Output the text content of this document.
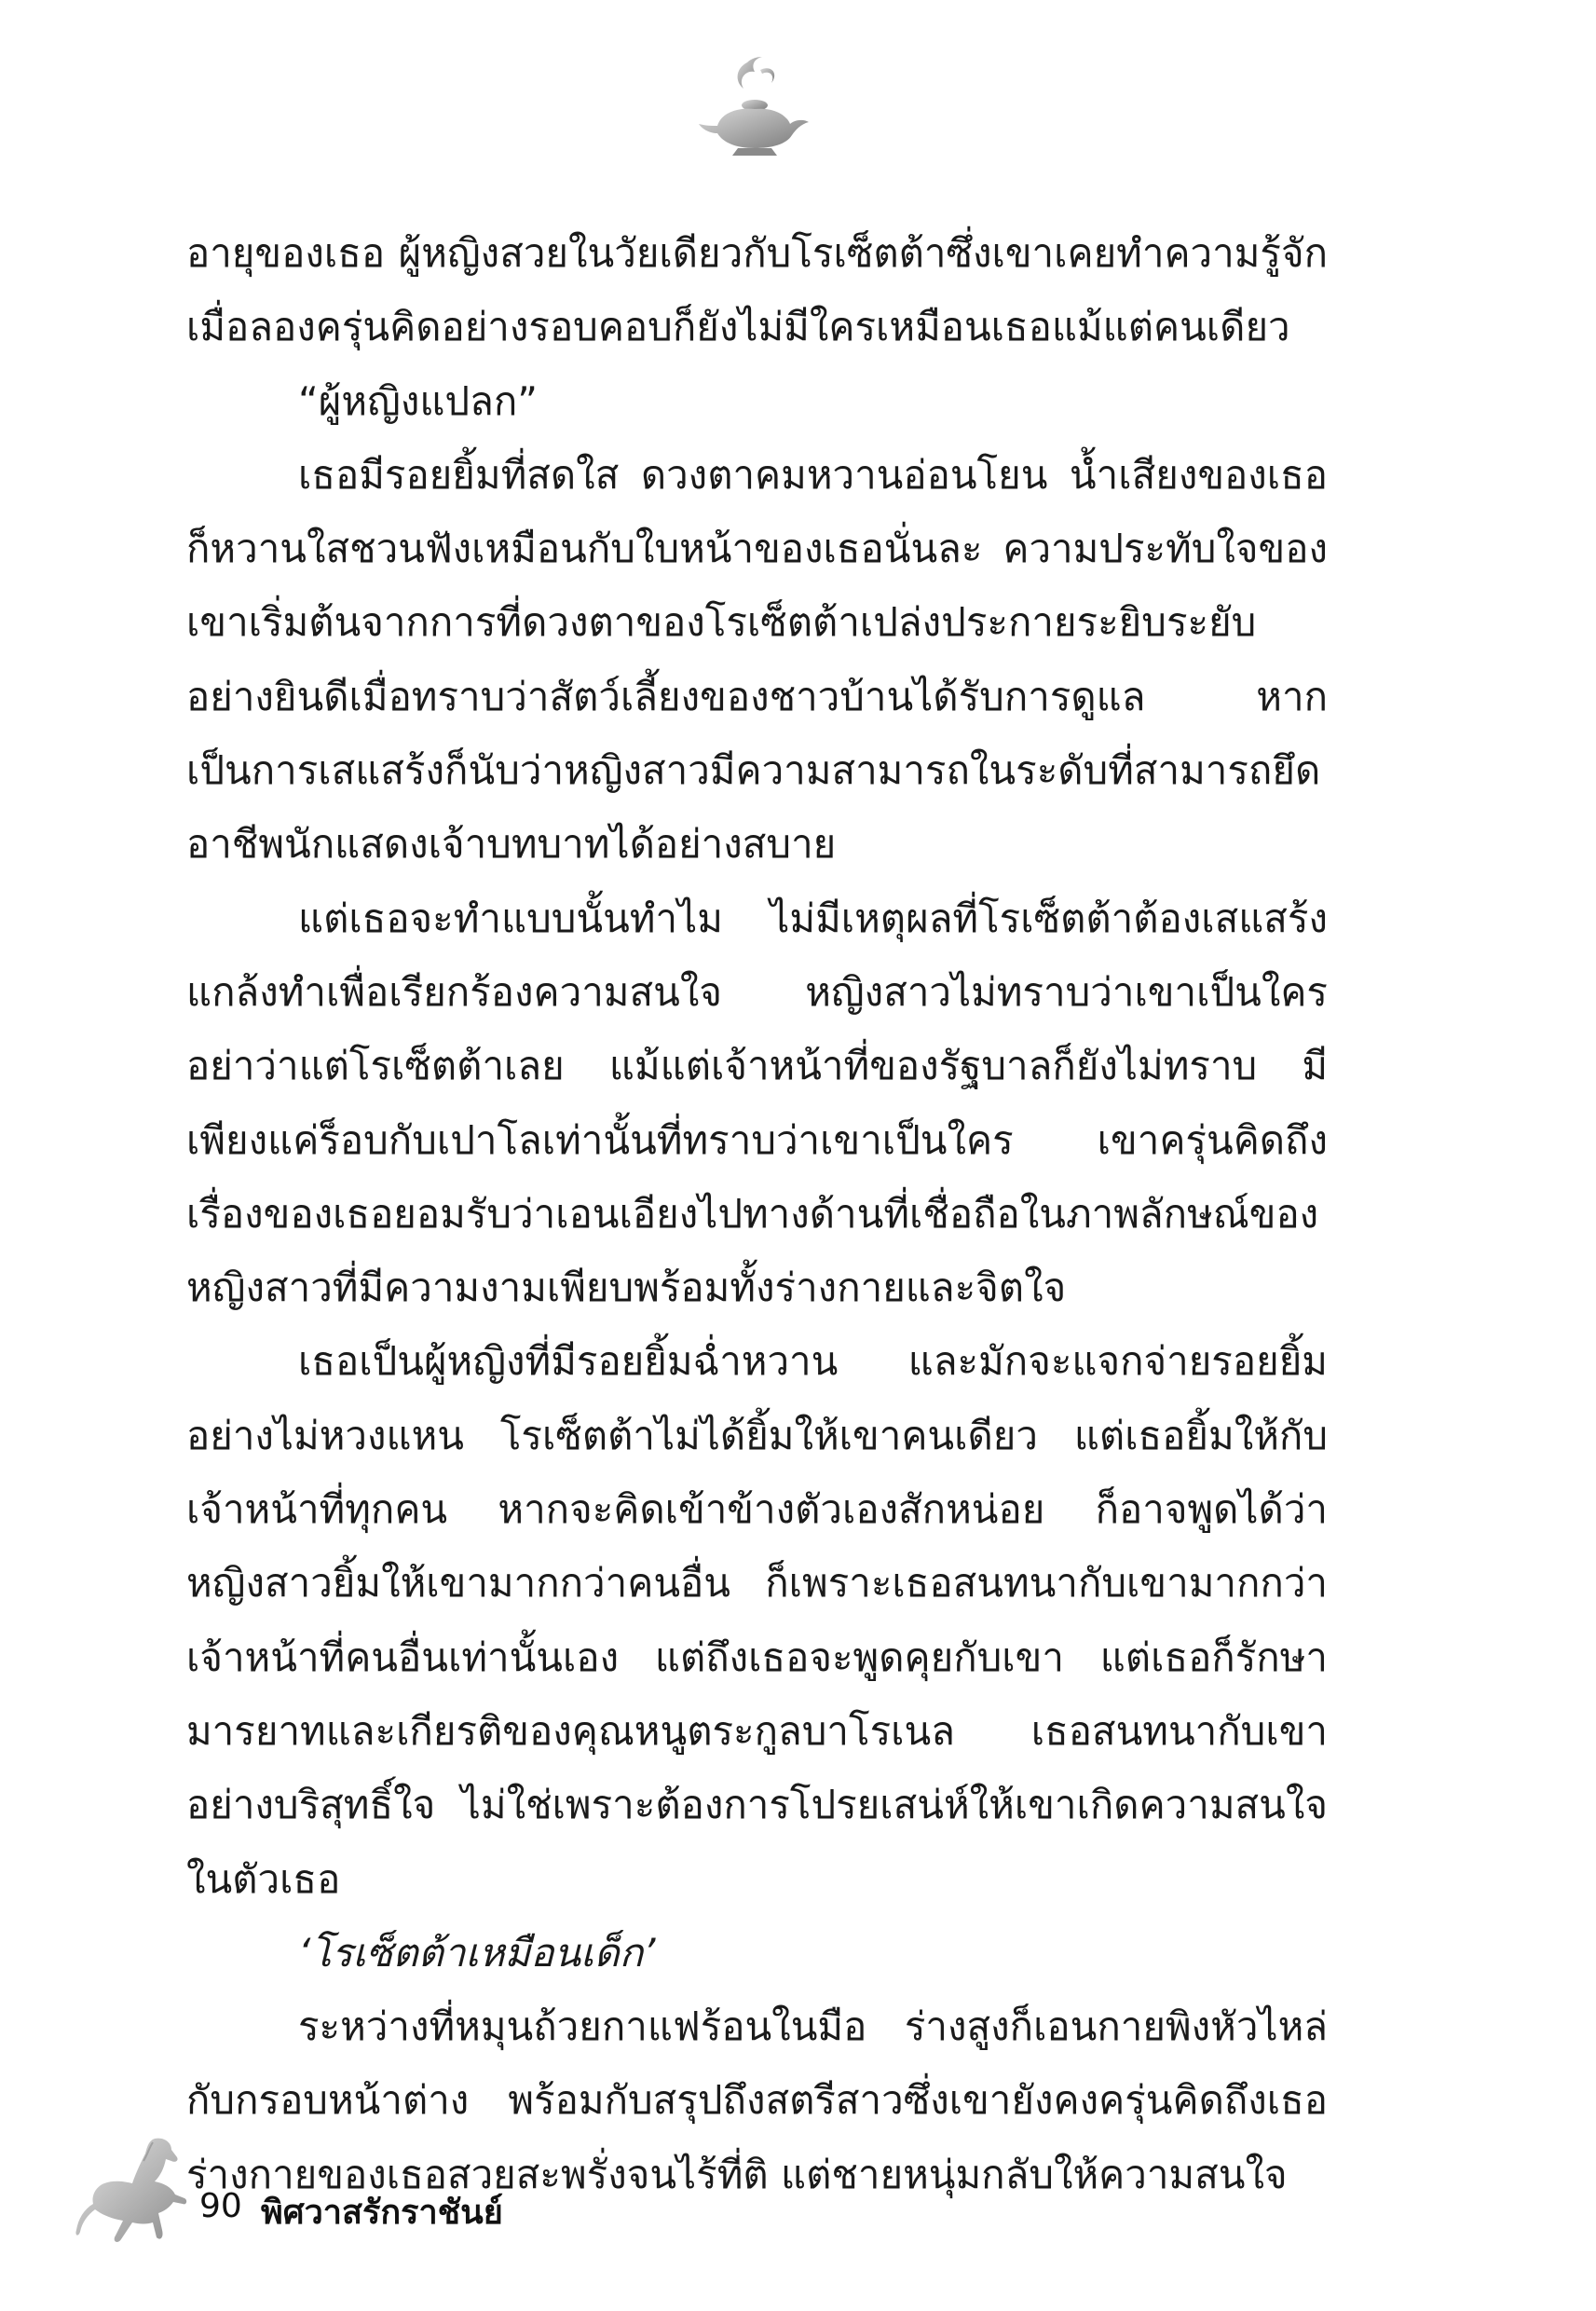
อายุของเธอ ผู้หญิงสวยในวัยเดียวกับโรเซ็ตต้าซึ่งเขาเคยทำความรู้จัก เมื่อลองครุ่นคิดอย่างรอบคอบก็ยังไม่มีใครเหมือนเธอแม้แต่คนเดียว

“ผู้หญิงแปลก”

เธอมีรอยยิ้มที่สดใส ดวงตาคมหวานอ่อนโยน น้ำเสียงของเธอก็หวานใสชวนฟังเหมือนกับใบหน้าของเธอนั่นละ ความประทับใจของเขาเริ่มต้นจากการที่ดวงตาของโรเซ็ตต้าเปล่งประกายระยิบระยับอย่างยินดีเมื่อทราบว่าสัตว์เลี้ยงของชาวบ้านได้รับการดูแล หากเป็นการเสแสร้งก็นับว่าหญิงสาวมีความสามารถในระดับที่สามารถยึดอาชีพนักแสดงเจ้าบทบาทได้อย่างสบาย

แต่เธอจะทำแบบนั้นทำไม ไม่มีเหตุผลที่โรเซ็ตต้าต้องเสแสร้งแกล้งทำเพื่อเรียกร้องความสนใจ หญิงสาวไม่ทราบว่าเขาเป็นใคร อย่าว่าแต่โรเซ็ตต้าเลย แม้แต่เจ้าหน้าที่ของรัฐบาลก็ยังไม่ทราบ มีเพียงแค่ร็อบกับเปาโลเท่านั้นที่ทราบว่าเขาเป็นใคร เขาครุ่นคิดถึงเรื่องของเธอยอมรับว่าเอนเอียงไปทางด้านที่เชื่อถือในภาพลักษณ์ของหญิงสาวที่มีความงามเพียบพร้อมทั้งร่างกายและจิตใจ

เธอเป็นผู้หญิงที่มีรอยยิ้มฉ่ำหวาน และมักจะแจกจ่ายรอยยิ้มอย่างไม่หวงแหน โรเซ็ตต้าไม่ได้ยิ้มให้เขาคนเดียว แต่เธอยิ้มให้กับเจ้าหน้าที่ทุกคน หากจะคิดเข้าข้างตัวเองสักหน่อย ก็อาจพูดได้ว่าหญิงสาวยิ้มให้เขามากกว่าคนอื่น ก็เพราะเธอสนทนากับเขามากกว่าเจ้าหน้าที่คนอื่นเท่านั้นเอง แต่ถึงเธอจะพูดคุยกับเขา แต่เธอก็รักษามารยาทและเกียรติของคุณหนูตระกูลบาโรเนล เธอสนทนากับเขาอย่างบริสุทธิ์ใจ ไม่ใช่เพราะต้องการโปรยเสน่ห์ให้เขาเกิดความสนใจในตัวเธอ

‘โรเซ็ตต้าเหมือนเด็ก’

ระหว่างที่หมุนถ้วยกาแฟร้อนในมือ ร่างสูงก็เอนกายพิงหัวไหล่กับกรอบหน้าต่าง พร้อมกับสรุปถึงสตรีสาวซึ่งเขายังคงครุ่นคิดถึงเธอร่างกายของเธอสวยสะพรั่งจนไร้ที่ติ แต่ชายหนุ่มกลับให้ความสนใจ

90 พิศวาสรักราชันย์
